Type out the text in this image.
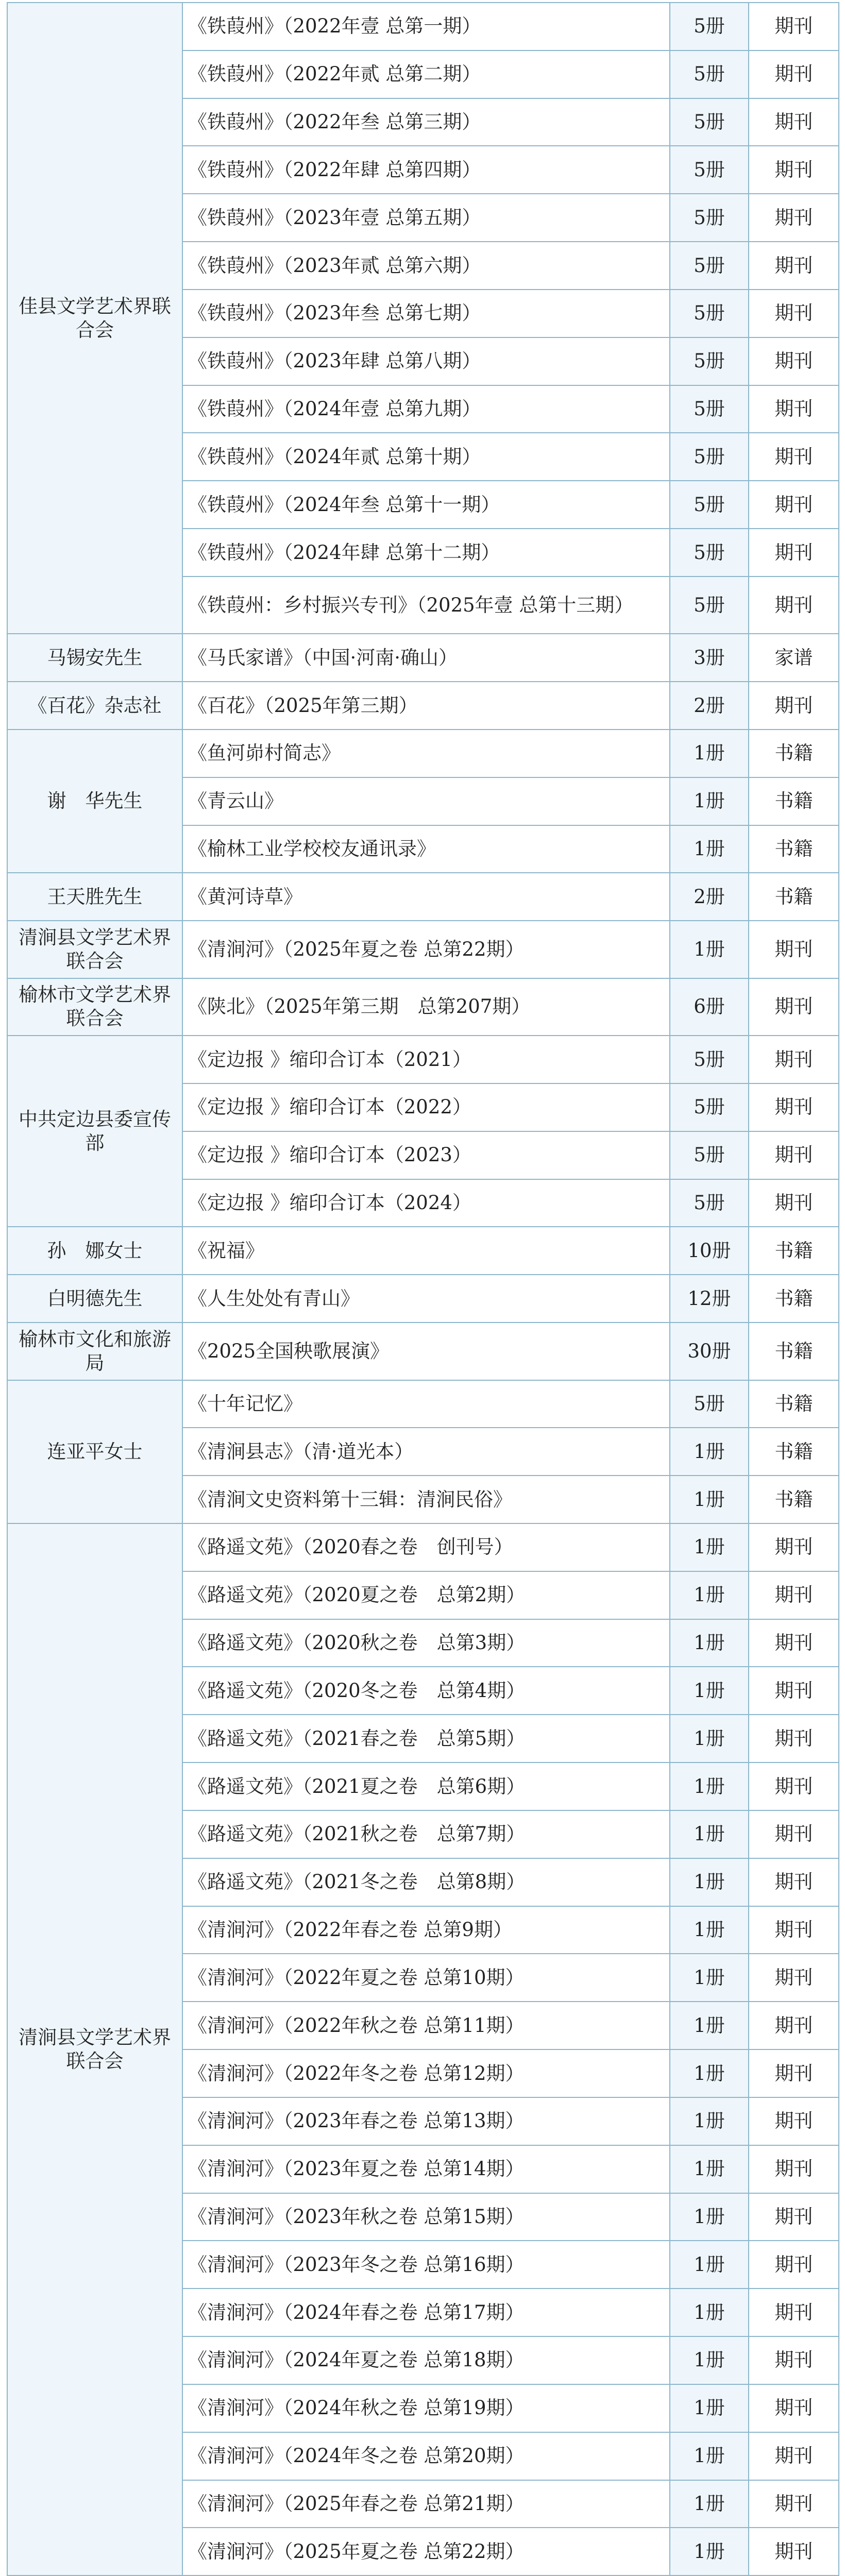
佳县文学艺术界联合会	《铁葭州》（2022年壹 总第一期）	5册	期刊
	《铁葭州》（2022年贰 总第二期）	5册	期刊
	《铁葭州》（2022年叁 总第三期）	5册	期刊
	《铁葭州》（2022年肆 总第四期）	5册	期刊
	《铁葭州》（2023年壹 总第五期）	5册	期刊
	《铁葭州》（2023年贰 总第六期）	5册	期刊
	《铁葭州》（2023年叁 总第七期）	5册	期刊
	《铁葭州》（2023年肆 总第八期）	5册	期刊
	《铁葭州》（2024年壹 总第九期）	5册	期刊
	《铁葭州》（2024年贰 总第十期）	5册	期刊
	《铁葭州》（2024年叁 总第十一期）	5册	期刊
	《铁葭州》（2024年肆 总第十二期）	5册	期刊
	《铁葭州：乡村振兴专刊》（2025年壹 总第十三期）	5册	期刊
马锡安先生	《马氏家谱》（中国·河南·确山）	3册	家谱
《百花》杂志社	《百花》（2025年第三期）	2册	期刊
谢　华先生	《鱼河峁村简志》	1册	书籍
	《青云山》	1册	书籍
	《榆林工业学校校友通讯录》	1册	书籍
王天胜先生	《黄河诗草》	2册	书籍
清涧县文学艺术界联合会	《清涧河》（2025年夏之卷 总第22期）	1册	期刊
榆林市文学艺术界联合会	《陕北》（2025年第三期　总第207期）	6册	期刊
中共定边县委宣传部	《定边报 》缩印合订本（2021）	5册	期刊
	《定边报 》缩印合订本（2022）	5册	期刊
	《定边报 》缩印合订本（2023）	5册	期刊
	《定边报 》缩印合订本（2024）	5册	期刊
孙　娜女士	《祝福》	10册	书籍
白明德先生	《人生处处有青山》	12册	书籍
榆林市文化和旅游局	《2025全国秧歌展演》	30册	书籍
连亚平女士	《十年记忆》	5册	书籍
	《清涧县志》（清·道光本）	1册	书籍
	《清涧文史资料第十三辑：清涧民俗》	1册	书籍
清涧县文学艺术界联合会	《路遥文苑》（2020春之卷　创刊号）	1册	期刊
	《路遥文苑》（2020夏之卷　总第2期）	1册	期刊
	《路遥文苑》（2020秋之卷　总第3期）	1册	期刊
	《路遥文苑》（2020冬之卷　总第4期）	1册	期刊
	《路遥文苑》（2021春之卷　总第5期）	1册	期刊
	《路遥文苑》（2021夏之卷　总第6期）	1册	期刊
	《路遥文苑》（2021秋之卷　总第7期）	1册	期刊
	《路遥文苑》（2021冬之卷　总第8期）	1册	期刊
	《清涧河》（2022年春之卷 总第9期）	1册	期刊
	《清涧河》（2022年夏之卷 总第10期）	1册	期刊
	《清涧河》（2022年秋之卷 总第11期）	1册	期刊
	《清涧河》（2022年冬之卷 总第12期）	1册	期刊
	《清涧河》（2023年春之卷 总第13期）	1册	期刊
	《清涧河》（2023年夏之卷 总第14期）	1册	期刊
	《清涧河》（2023年秋之卷 总第15期）	1册	期刊
	《清涧河》（2023年冬之卷 总第16期）	1册	期刊
	《清涧河》（2024年春之卷 总第17期）	1册	期刊
	《清涧河》（2024年夏之卷 总第18期）	1册	期刊
	《清涧河》（2024年秋之卷 总第19期）	1册	期刊
	《清涧河》（2024年冬之卷 总第20期）	1册	期刊
	《清涧河》（2025年春之卷 总第21期）	1册	期刊
	《清涧河》（2025年夏之卷 总第22期）	1册	期刊
